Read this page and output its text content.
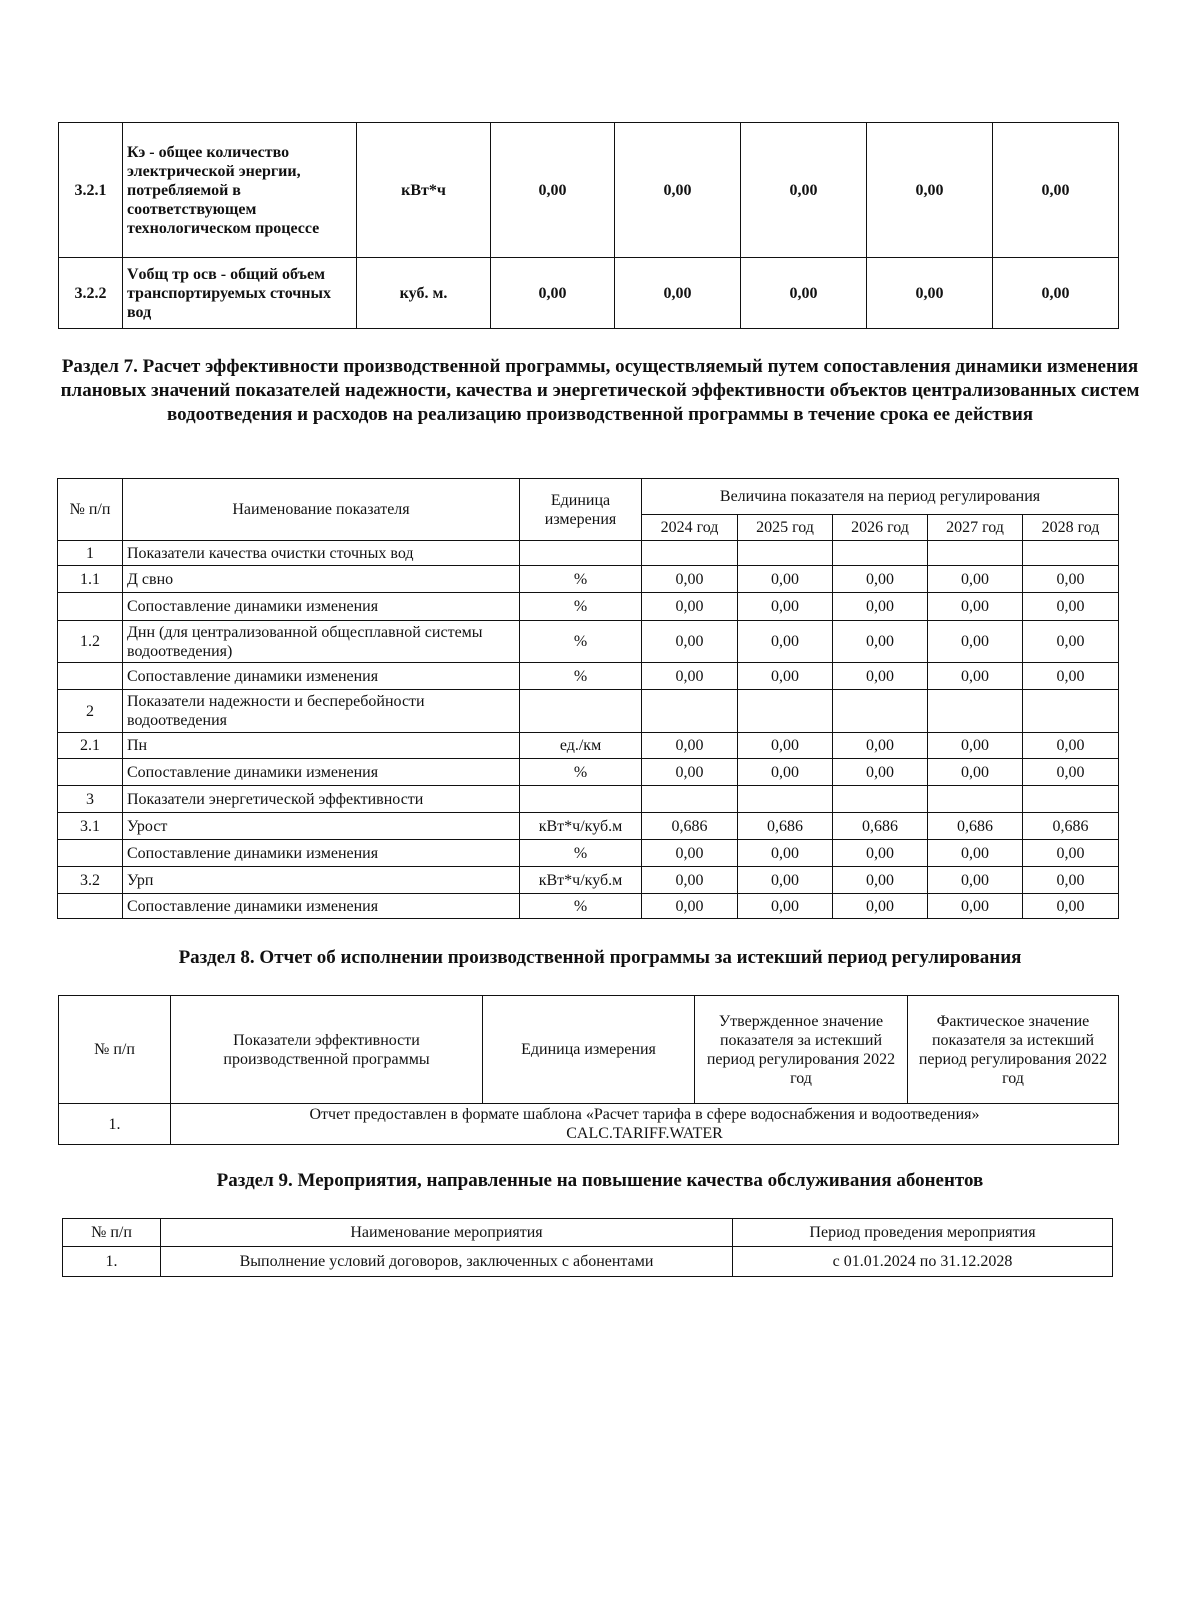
3.2.1	Кэ - общее количество электрической энергии, потребляемой в соответствующем технологическом процессе	кВт*ч	0,00	0,00	0,00	0,00	0,00
3.2.2	Vобщ тр осв - общий объем транспортируемых сточных вод	куб. м.	0,00	0,00	0,00	0,00	0,00
Раздел 7. Расчет эффективности производственной программы, осуществляемый путем сопоставления динамики изменения плановых значений показателей надежности, качества и энергетической эффективности объектов централизованных систем водоотведения и расходов на реализацию производственной программы в течение срока ее действия
№ п/п	Наименование показателя	Единица измерения	Величина показателя на период регулирования				
			2024 год	2025 год	2026 год	2027 год	2028 год
1	Показатели качества очистки сточных вод						
1.1	Д свно	%	0,00	0,00	0,00	0,00	0,00
	Сопоставление динамики изменения	%	0,00	0,00	0,00	0,00	0,00
1.2	Днн (для централизованной общесплавной системы водоотведения)	%	0,00	0,00	0,00	0,00	0,00
	Сопоставление динамики изменения	%	0,00	0,00	0,00	0,00	0,00
2	Показатели надежности и бесперебойности водоотведения						
2.1	Пн	ед./км	0,00	0,00	0,00	0,00	0,00
	Сопоставление динамики изменения	%	0,00	0,00	0,00	0,00	0,00
3	Показатели энергетической эффективности						
3.1	Урост	кВт*ч/куб.м	0,686	0,686	0,686	0,686	0,686
	Сопоставление динамики изменения	%	0,00	0,00	0,00	0,00	0,00
3.2	Урп	кВт*ч/куб.м	0,00	0,00	0,00	0,00	0,00
	Сопоставление динамики изменения	%	0,00	0,00	0,00	0,00	0,00
Раздел 8. Отчет об исполнении производственной программы за истекший период регулирования
№ п/п	Показатели эффективности производственной программы	Единица измерения	Утвержденное значение показателя за истекший период регулирования 2022 год	Фактическое значение показателя за истекший период регулирования 2022 год
1.	Отчет предоставлен в формате шаблона «Расчет тарифа в сфере водоснабжения и водоотведения» CALC.TARIFF.WATER			
Раздел 9. Мероприятия, направленные на повышение качества обслуживания абонентов
№ п/п	Наименование мероприятия	Период проведения мероприятия
1.	Выполнение условий договоров, заключенных с абонентами	с 01.01.2024 по 31.12.2028
